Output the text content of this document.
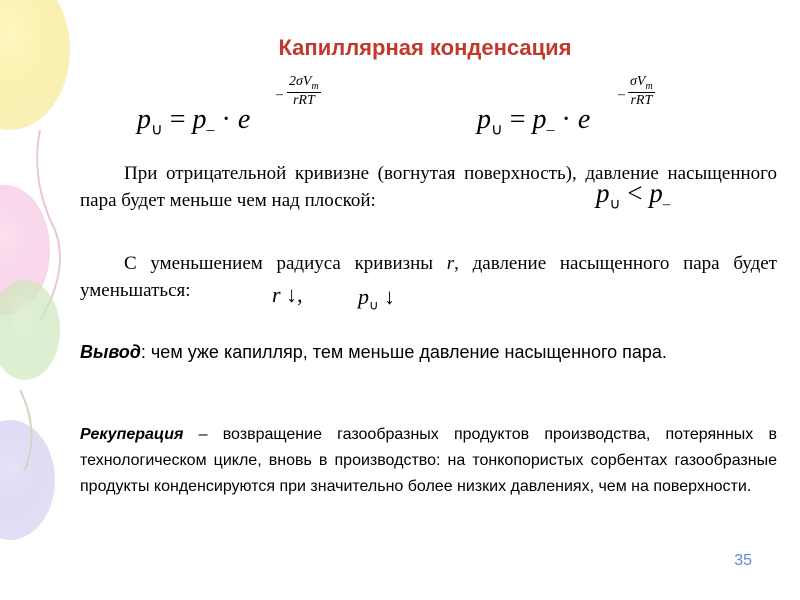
Капиллярная конденсация
$p_\cup = p_- \cdot e$
–
$2\sigma V_m$
rRT
$p_\cup = p_- \cdot e$
–
$\sigma V_m$
rRT
При отрицательной кривизне (вогнутая поверхность), давление насыщенного пара будет меньше чем над плоской:	$p_\cup < p_-$
С уменьшением радиуса кривизны r, давление насыщенного пара будет уменьшаться:	r ↓,	$p_\cup$ ↓
Вывод: чем уже капилляр, тем меньше давление насыщенного пара.
Рекуперация – возвращение газообразных продуктов производства, потерянных в технологическом цикле, вновь в производство: на тонкопористых сорбентах газообразные продукты конденсируются при значительно более низких давлениях, чем на поверхности.
35
